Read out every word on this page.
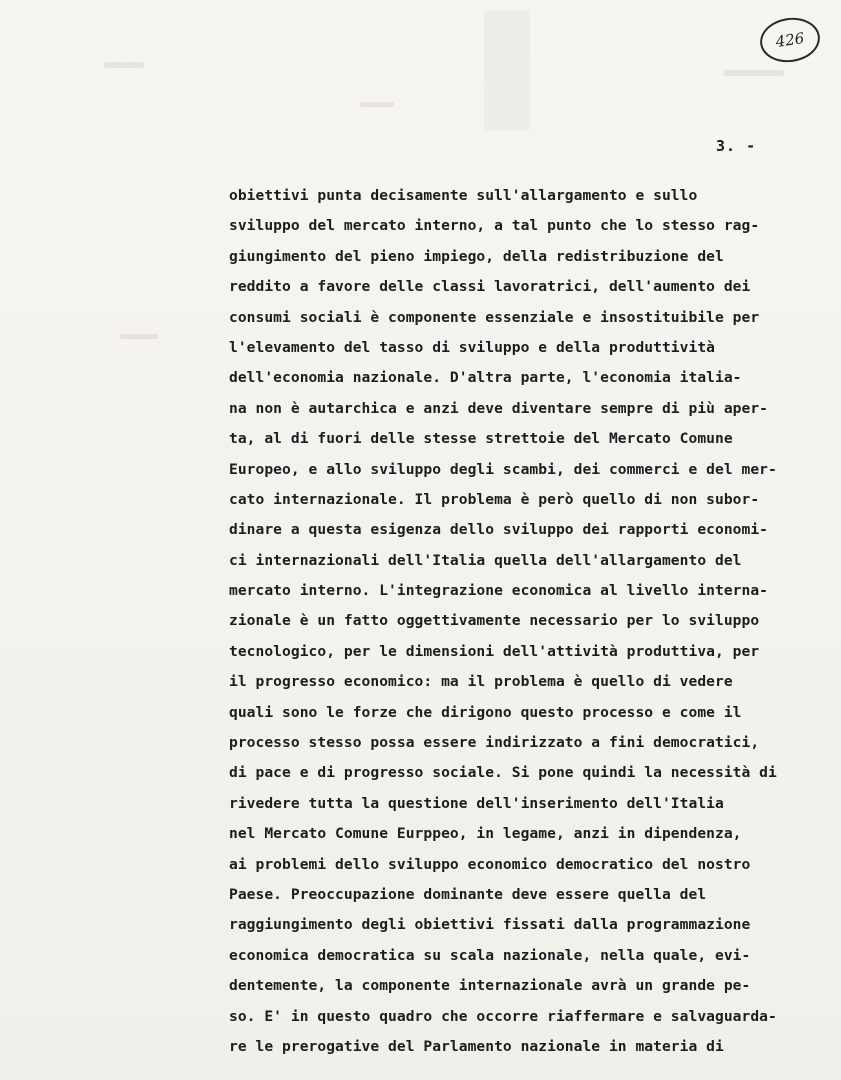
426
3. -
obiettivi punta decisamente sull'allargamento e sullo
sviluppo del mercato interno, a tal punto che lo stesso rag-
giungimento del pieno impiego, della redistribuzione del
reddito a favore delle classi lavoratrici, dell'aumento dei
consumi sociali è componente essenziale e insostituibile per
l'elevamento del tasso di sviluppo e della produttività
dell'economia nazionale. D'altra parte, l'economia italia-
na non è autarchica e anzi deve diventare sempre di più aper-
ta, al di fuori delle stesse strettoie del Mercato Comune
Europeo, e allo sviluppo degli scambi, dei commerci e del mer-
cato internazionale. Il problema è però quello di non subor-
dinare a questa esigenza dello sviluppo dei rapporti economi-
ci internazionali dell'Italia quella dell'allargamento del
mercato interno. L'integrazione economica al livello interna-
zionale è un fatto oggettivamente necessario per lo sviluppo
tecnologico, per le dimensioni dell'attività produttiva, per
il progresso economico: ma il problema è quello di vedere
quali sono le forze che dirigono questo processo e come il
processo stesso possa essere indirizzato a fini democratici,
di pace e di progresso sociale. Si pone quindi la necessità di
rivedere tutta la questione dell'inserimento dell'Italia
nel Mercato Comune Eurppeo, in legame, anzi in dipendenza,
ai problemi dello sviluppo economico democratico del nostro
Paese. Preoccupazione dominante deve essere quella del
raggiungimento degli obiettivi fissati dalla programmazione
economica democratica su scala nazionale, nella quale, evi-
dentemente, la componente internazionale avrà un grande pe-
so. E' in questo quadro che occorre riaffermare e salvaguarda-
re le prerogative del Parlamento nazionale in materia di
